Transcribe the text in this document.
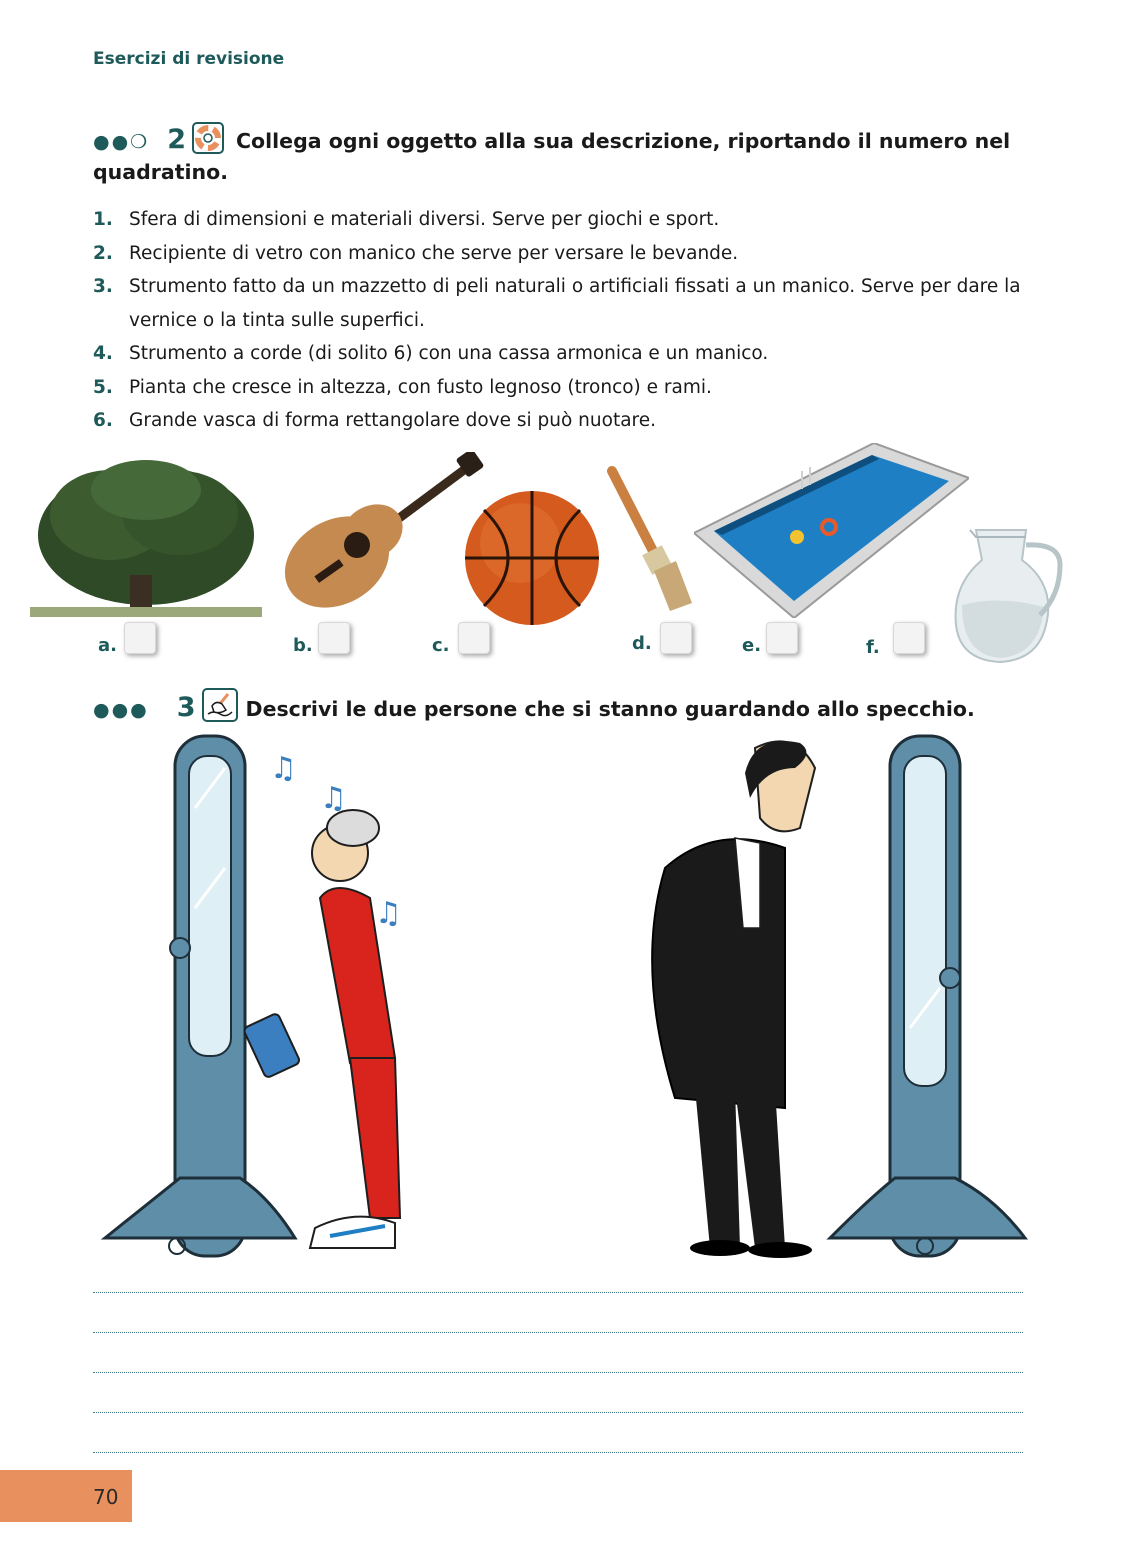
Esercizi di revisione
●●❍ 2 Collega ogni oggetto alla sua descrizione, riportando il numero nel quadratino.
1. Sfera di dimensioni e materiali diversi. Serve per giochi e sport.
2. Recipiente di vetro con manico che serve per versare le bevande.
3. Strumento fatto da un mazzetto di peli naturali o artificiali fissati a un manico. Serve per dare la vernice o la tinta sulle superfici.
4. Strumento a corde (di solito 6) con una cassa armonica e un manico.
5. Pianta che cresce in altezza, con fusto legnoso (tronco) e rami.
6. Grande vasca di forma rettangolare dove si può nuotare.
a.	b.	c.	d.	e.	f.
●●● 3 Descrivi le due persone che si stanno guardando allo specchio.
♫
♫
♫
70
